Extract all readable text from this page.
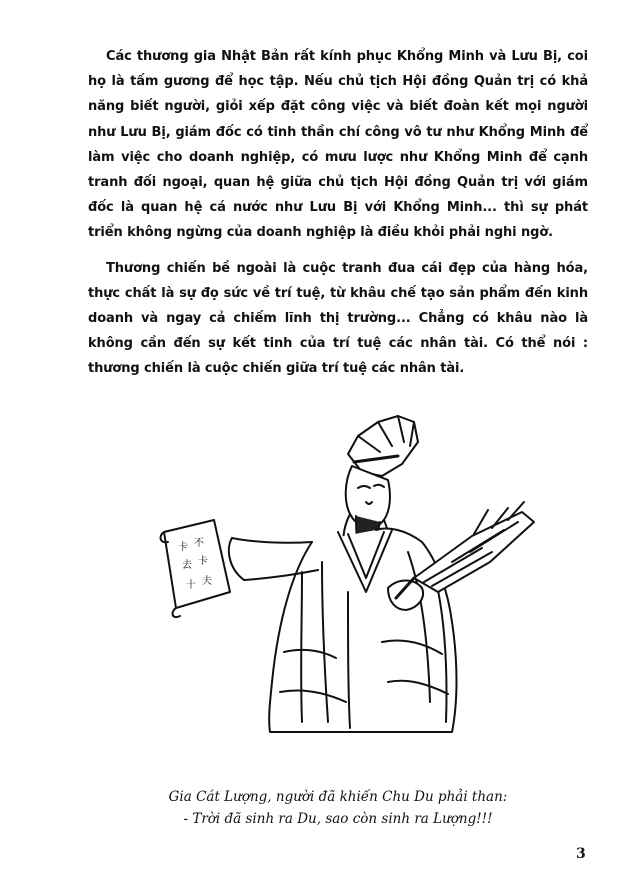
Các thương gia Nhật Bản rất kính phục Khổng Minh và Lưu Bị, coi họ là tấm gương để học tập. Nếu chủ tịch Hội đồng Quản trị có khả năng biết người, giỏi xếp đặt công việc và biết đoàn kết mọi người như Lưu Bị, giám đốc có tinh thần chí công vô tư như Khổng Minh để làm việc cho doanh nghiệp, có mưu lược như Khổng Minh để cạnh tranh đối ngoại, quan hệ giữa chủ tịch Hội đồng Quản trị với giám đốc là quan hệ cá nước như Lưu Bị với Khổng Minh... thì sự phát triển không ngừng của doanh nghiệp là điều khỏi phải nghi ngờ.

Thương chiến bề ngoài là cuộc tranh đua cái đẹp của hàng hóa, thực chất là sự đọ sức về trí tuệ, từ khâu chế tạo sản phẩm đến kinh doanh và ngay cả chiếm lĩnh thị trường... Chẳng có khâu nào là không cần đến sự kết tinh của trí tuệ các nhân tài. Có thể nói : thương chiến là cuộc chiến giữa trí tuệ các nhân tài.

卡 不
去 卡
十 夫
Gia Cát Lượng, người đã khiến Chu Du phải than:
- Trời đã sinh ra Du, sao còn sinh ra Lượng!!!
3
